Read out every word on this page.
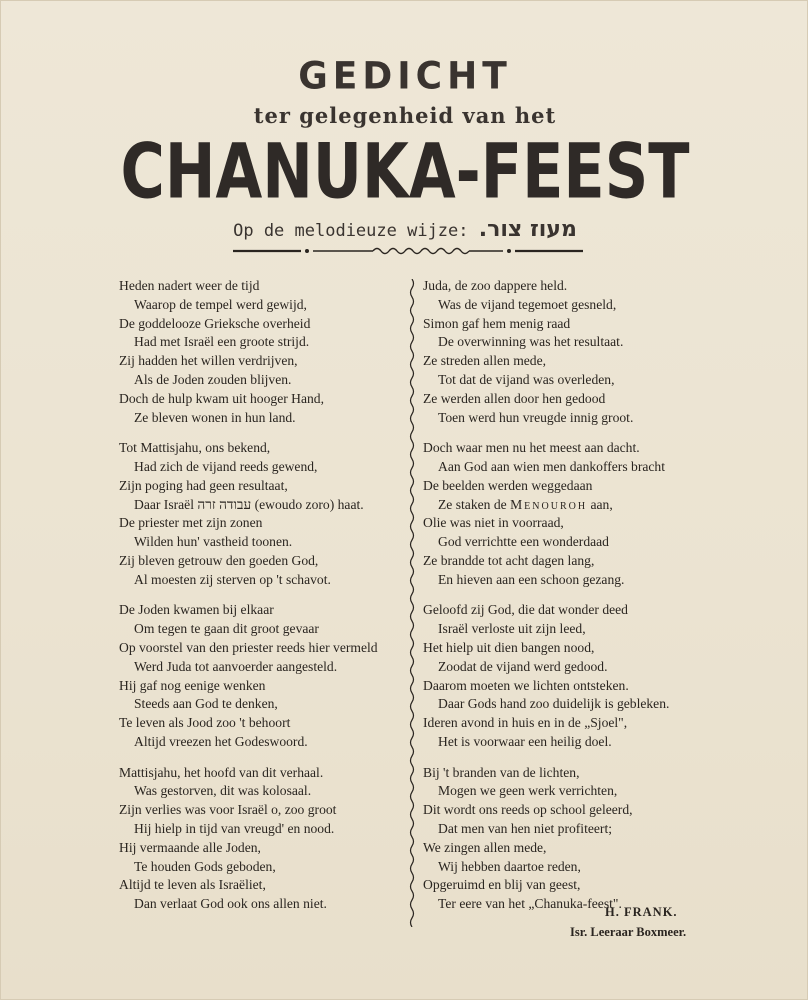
GEDICHT
ter gelegenheid van het
CHANUKA-FEEST
Op de melodieuze wijze: מעוז צור.
Heden nadert weer de tijd
Waarop de tempel werd gewijd,
De goddelooze Grieksche overheid
Had met Israël een groote strijd.
Zij hadden het willen verdrijven,
Als de Joden zouden blijven.
Doch de hulp kwam uit hooger Hand,
Ze bleven wonen in hun land.
Tot Mattisjahu, ons bekend,
Had zich de vijand reeds gewend,
Zijn poging had geen resultaat,
Daar Israël עבודה זרה (ewoudo zoro) haat.
De priester met zijn zonen
Wilden hun' vastheid toonen.
Zij bleven getrouw den goeden God,
Al moesten zij sterven op 't schavot.
De Joden kwamen bij elkaar
Om tegen te gaan dit groot gevaar
Op voorstel van den priester reeds hier vermeld
Werd Juda tot aanvoerder aangesteld.
Hij gaf nog eenige wenken
Steeds aan God te denken,
Te leven als Jood zoo 't behoort
Altijd vreezen het Godeswoord.
Mattisjahu, het hoofd van dit verhaal.
Was gestorven, dit was kolosaal.
Zijn verlies was voor Israël o, zoo groot
Hij hielp in tijd van vreugd' en nood.
Hij vermaande alle Joden,
Te houden Gods geboden,
Altijd te leven als Israëliet,
Dan verlaat God ook ons allen niet.
Juda, de zoo dappere held.
Was de vijand tegemoet gesneld,
Simon gaf hem menig raad
De overwinning was het resultaat.
Ze streden allen mede,
Tot dat de vijand was overleden,
Ze werden allen door hen gedood
Toen werd hun vreugde innig groot.
Doch waar men nu het meest aan dacht.
Aan God aan wien men dankoffers bracht
De beelden werden weggedaan
Ze staken de Menouroh aan,
Olie was niet in voorraad,
God verrichtte een wonderdaad
Ze brandde tot acht dagen lang,
En hieven aan een schoon gezang.
Geloofd zij God, die dat wonder deed
Israël verloste uit zijn leed,
Het hielp uit dien bangen nood,
Zoodat de vijand werd gedood.
Daarom moeten we lichten ontsteken.
Daar Gods hand zoo duidelijk is gebleken.
Ideren avond in huis en in de „Sjoel",
Het is voorwaar een heilig doel.
Bij 't branden van de lichten,
Mogen we geen werk verrichten,
Dit wordt ons reeds op school geleerd,
Dat men van hen niet profiteert;
We zingen allen mede,
Wij hebben daartoe reden,
Opgeruimd en blij van geest,
Ter eere van het „Chanuka-feest".
H. FRANK.
Isr. Leeraar Boxmeer.
